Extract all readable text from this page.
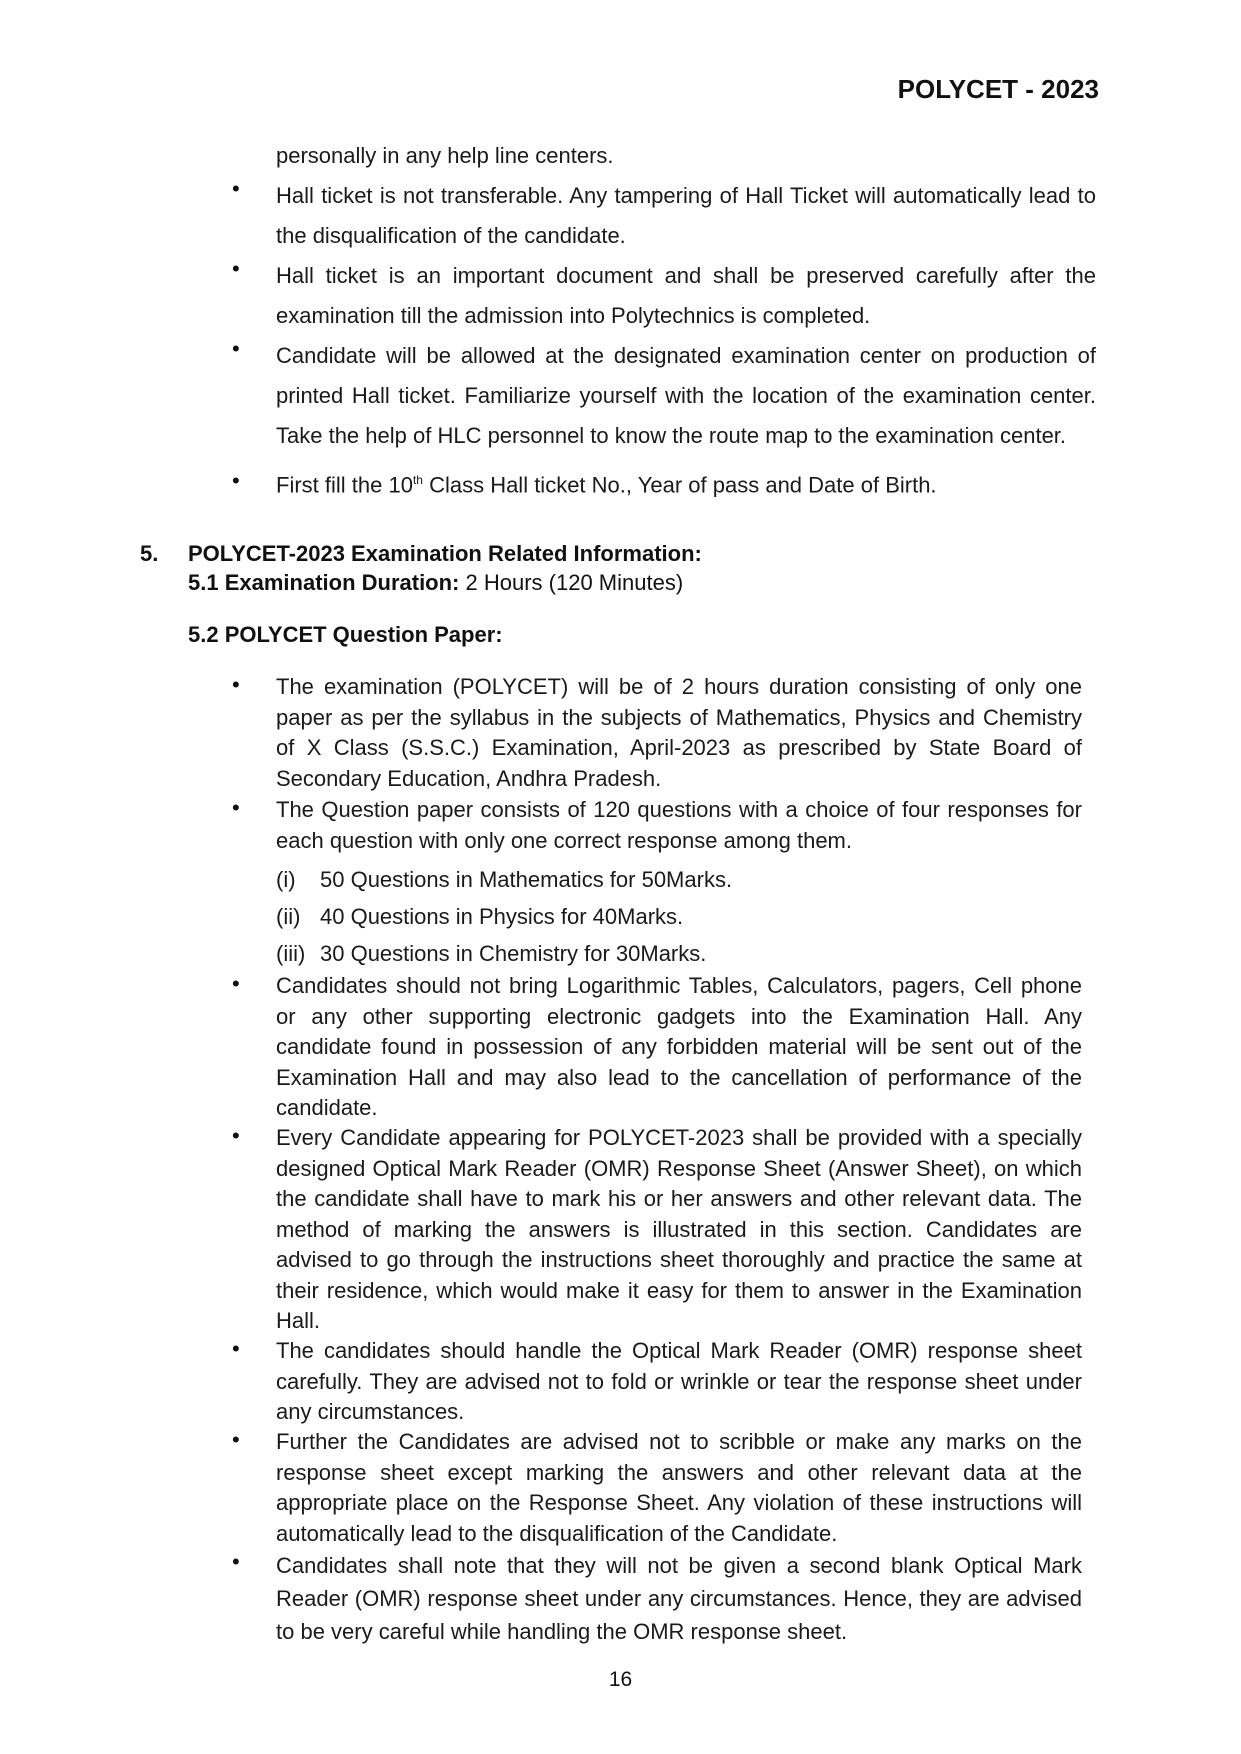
POLYCET - 2023

personally in any help line centers.

• Hall ticket is not transferable. Any tampering of Hall Ticket will automatically lead to the disqualification of the candidate.

• Hall ticket is an important document and shall be preserved carefully after the examination till the admission into Polytechnics is completed.

• Candidate will be allowed at the designated examination center on production of printed Hall ticket. Familiarize yourself with the location of the examination center. Take the help of HLC personnel to know the route map to the examination center.

• First fill the 10th Class Hall ticket No., Year of pass and Date of Birth.

5. POLYCET-2023 Examination Related Information:
5.1 Examination Duration: 2 Hours (120 Minutes)
5.2 POLYCET Question Paper:
• The examination (POLYCET) will be of 2 hours duration consisting of only one paper as per the syllabus in the subjects of Mathematics, Physics and Chemistry of X Class (S.S.C.) Examination, April-2023 as prescribed by State Board of Secondary Education, Andhra Pradesh.
• The Question paper consists of 120 questions with a choice of four responses for each question with only one correct response among them.
(i) 50 Questions in Mathematics for 50Marks.
(ii) 40 Questions in Physics for 40Marks.
(iii) 30 Questions in Chemistry for 30Marks.
• Candidates should not bring Logarithmic Tables, Calculators, pagers, Cell phone or any other supporting electronic gadgets into the Examination Hall. Any candidate found in possession of any forbidden material will be sent out of the Examination Hall and may also lead to the cancellation of performance of the candidate.
• Every Candidate appearing for POLYCET-2023 shall be provided with a specially designed Optical Mark Reader (OMR) Response Sheet (Answer Sheet), on which the candidate shall have to mark his or her answers and other relevant data. The method of marking the answers is illustrated in this section. Candidates are advised to go through the instructions sheet thoroughly and practice the same at their residence, which would make it easy for them to answer in the Examination Hall.
• The candidates should handle the Optical Mark Reader (OMR) response sheet carefully. They are advised not to fold or wrinkle or tear the response sheet under any circumstances.
• Further the Candidates are advised not to scribble or make any marks on the response sheet except marking the answers and other relevant data at the appropriate place on the Response Sheet. Any violation of these instructions will automatically lead to the disqualification of the Candidate.
• Candidates shall note that they will not be given a second blank Optical Mark Reader (OMR) response sheet under any circumstances. Hence, they are advised to be very careful while handling the OMR response sheet.
16
